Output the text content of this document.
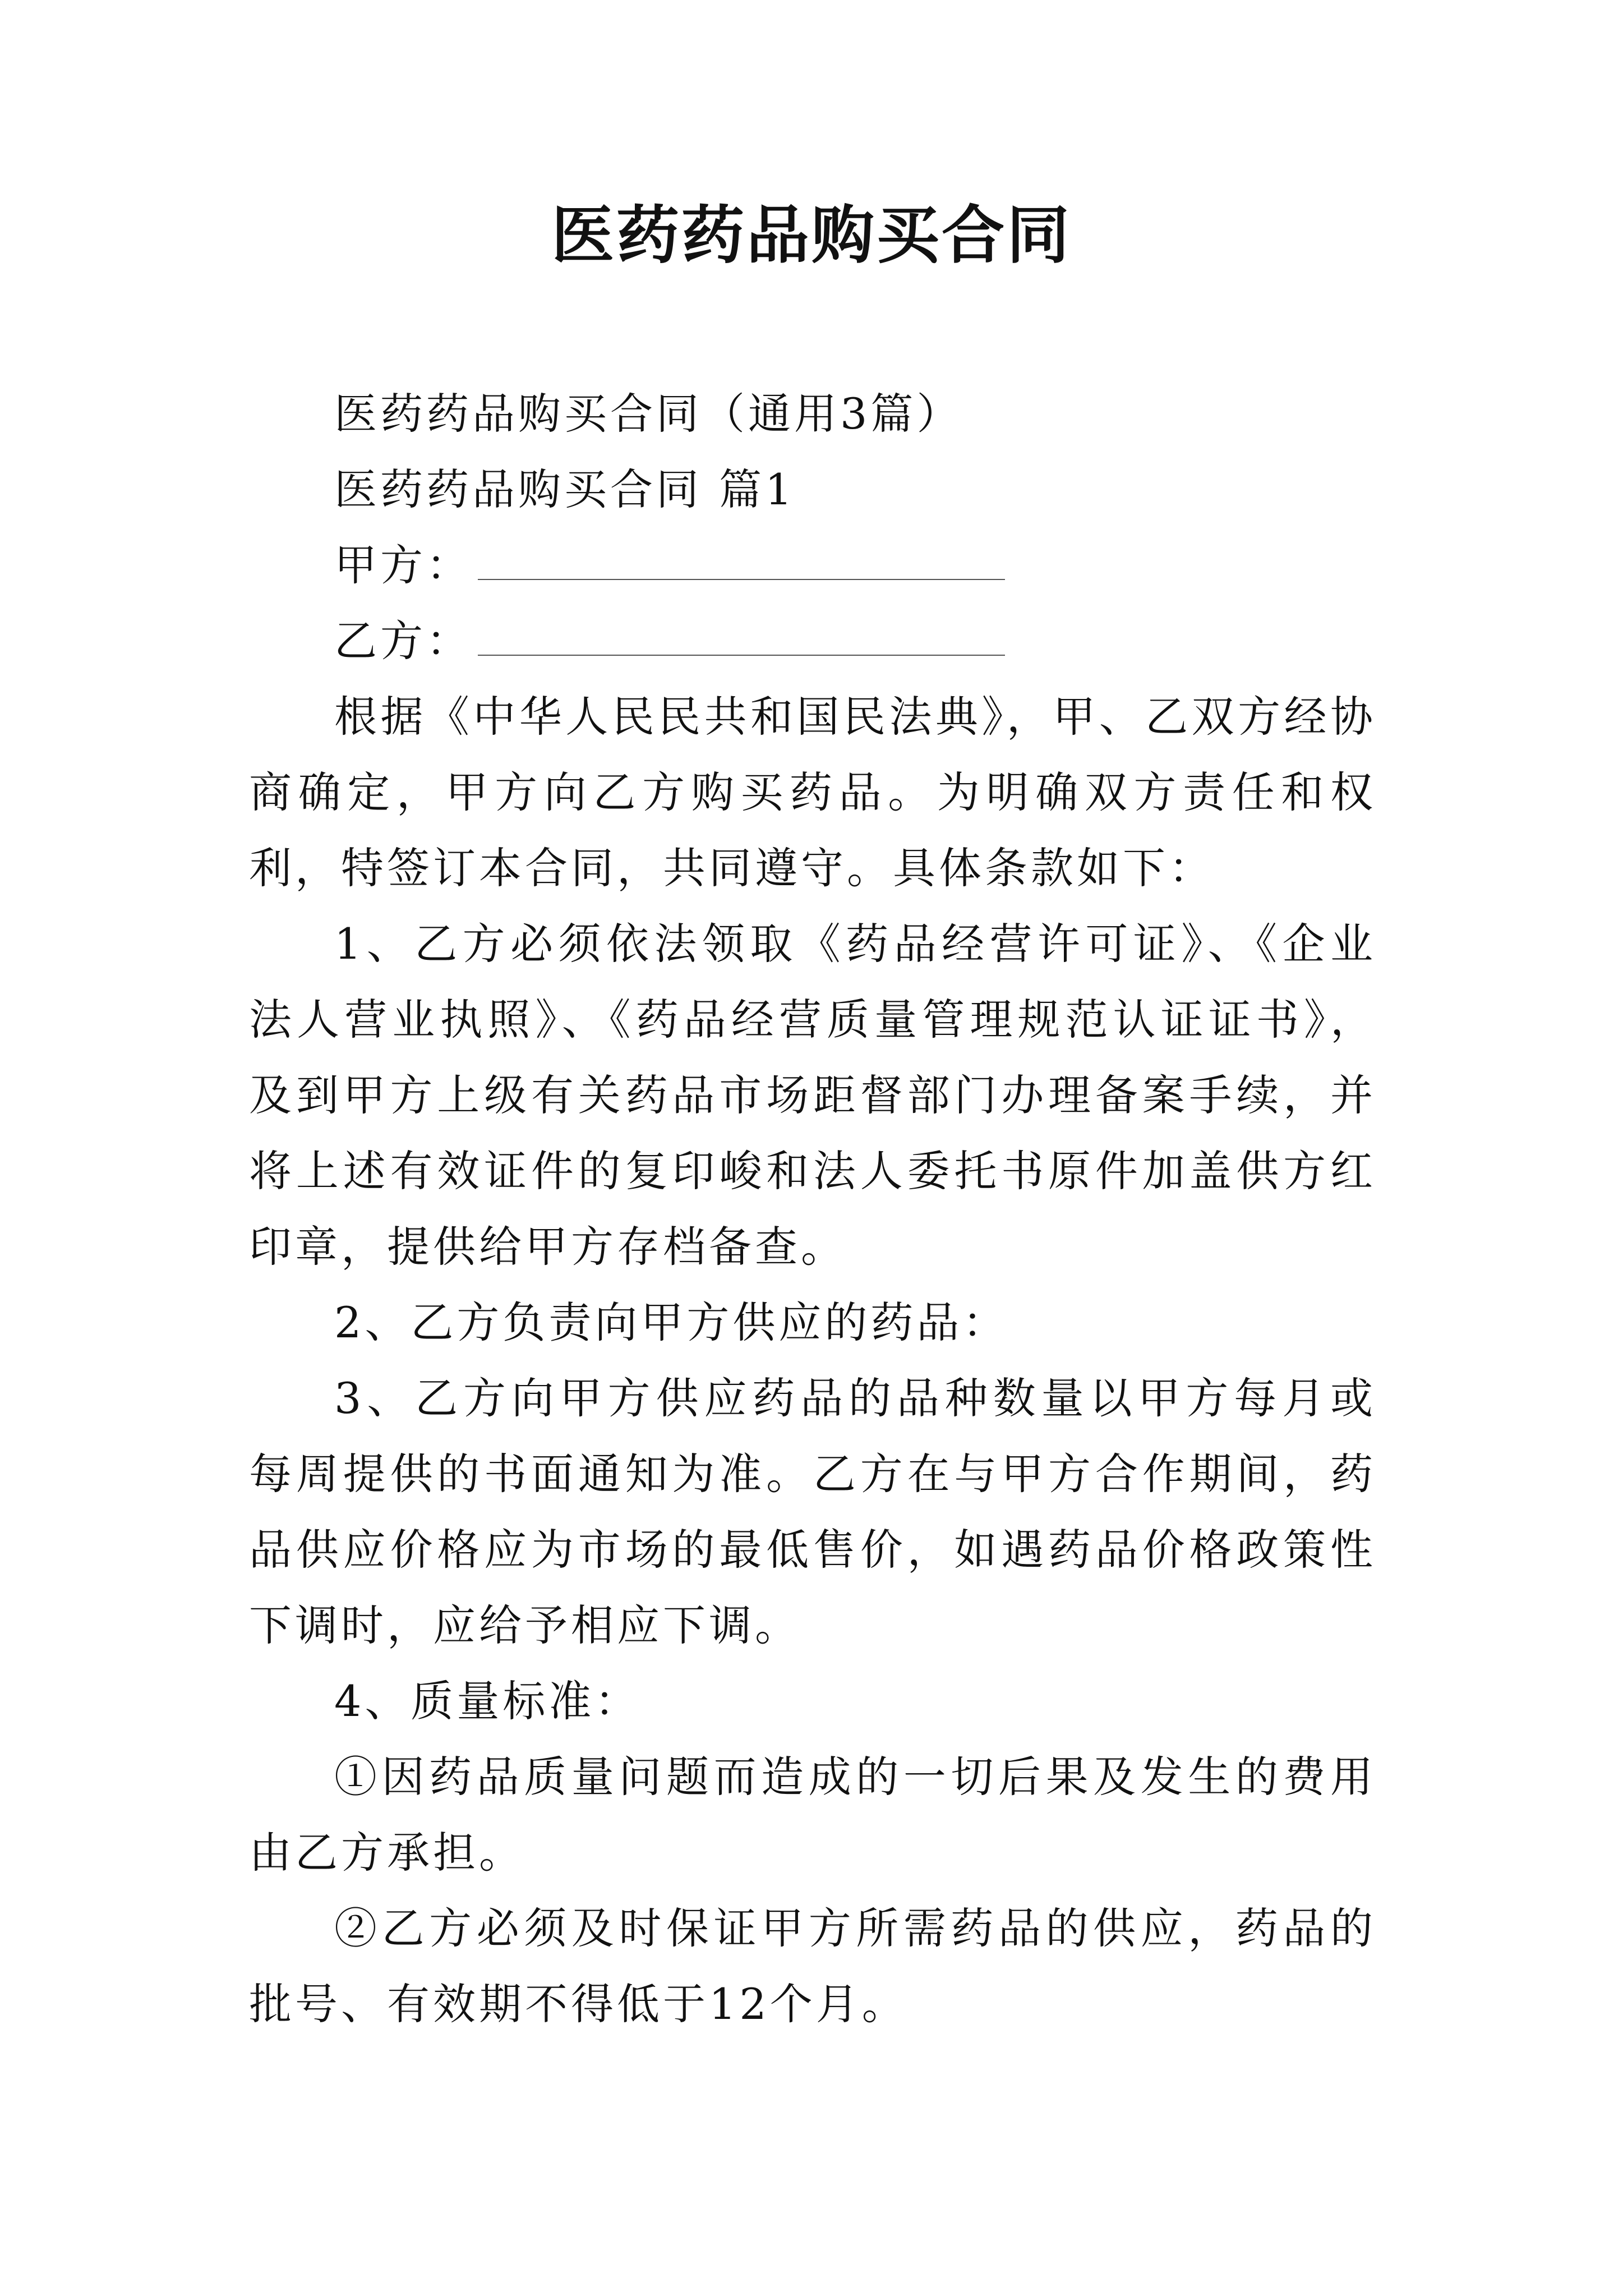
医药药品购买合同

医药药品购买合同（通用3篇）

医药药品购买合同 篇1

甲方：

乙方：

根据《中华人民民共和国民法典》，甲、乙双方经协商确定，甲方向乙方购买药品。为明确双方责任和权利，特签订本合同，共同遵守。具体条款如下：

1、乙方必须依法领取《药品经营许可证》、《企业法人营业执照》、《药品经营质量管理规范认证证书》，及到甲方上级有关药品市场距督部门办理备案手续，并将上述有效证件的复印峻和法人委托书原件加盖供方红印章，提供给甲方存档备查。

2、乙方负责向甲方供应的药品：

3、乙方向甲方供应药品的品种数量以甲方每月或每周提供的书面通知为准。乙方在与甲方合作期间，药品供应价格应为市场的最低售价，如遇药品价格政策性下调时，应给予相应下调。

4、质量标准：

①因药品质量问题而造成的一切后果及发生的费用由乙方承担。

②乙方必须及时保证甲方所需药品的供应，药品的批号、有效期不得低于12个月。
